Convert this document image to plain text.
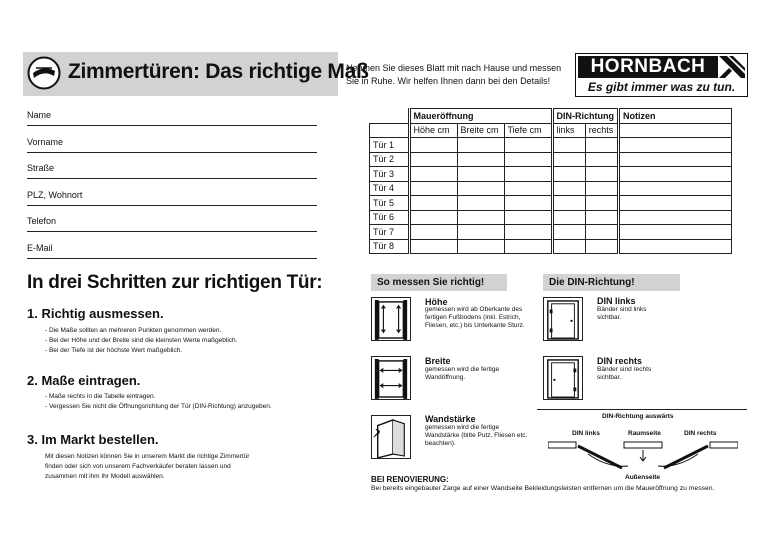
Zimmertüren: Das richtige Maß
Nehmen Sie dieses Blatt mit nach Hause und messen Sie in Ruhe. Wir helfen Ihnen dann bei den Details!
HORNBACH
Es gibt immer was zu tun.
Name
Vorname
Straße
PLZ, Wohnort
Telefon
E-Mail
In drei Schritten zur richtigen Tür:
1. Richtig ausmessen.
- Die Maße sollten an mehreren Punkten genommen werden.
- Bei der Höhe und der Breite sind die kleinsten Werte maßgeblich.
- Bei der Tiefe ist der höchste Wert maßgeblich.
2. Maße eintragen.
- Maße rechts in die Tabelle eintragen.
- Vergessen Sie nicht die Öffnungsrichtung der Tür (DIN-Richtung) anzugeben.
3. Im Markt bestellen.
Mit diesen Notizen können Sie in unserem Markt die richtige Zimmertür
finden oder sich von unserem Fachverkäufer beraten lassen und
zusammen mit ihm Ihr Modell auswählen.
	Maueröffnung			DIN-Richtung		Notizen
	Höhe cm	Breite cm	Tiefe cm	links	rechts	
Tür 1						
Tür 2						
Tür 3						
Tür 4						
Tür 5						
Tür 6						
Tür 7						
Tür 8						
So messen Sie richtig!
Höhe
gemessen wird ab Oberkante des fertigen Fußbodens (inkl. Estrich, Fliesen, etc.) bis Unterkante Sturz.
Breite
gemessen wird die fertige Wandöffnung.
Wandstärke
gemessen wird die fertige Wandstärke (bitte Putz, Fliesen etc. beachten).
Die DIN-Richtung!
DIN links
Bänder sind links sichtbar.
DIN rechts
Bänder sind rechts sichtbar.
DIN-Richtung auswärts
DIN links	Raumseite	DIN rechts
Außenseite
BEI RENOVIERUNG:
Bei bereits eingebauter Zarge auf einer Wandseite Bekleidungsleisten entfernen um die Maueröffnung zu messen.
